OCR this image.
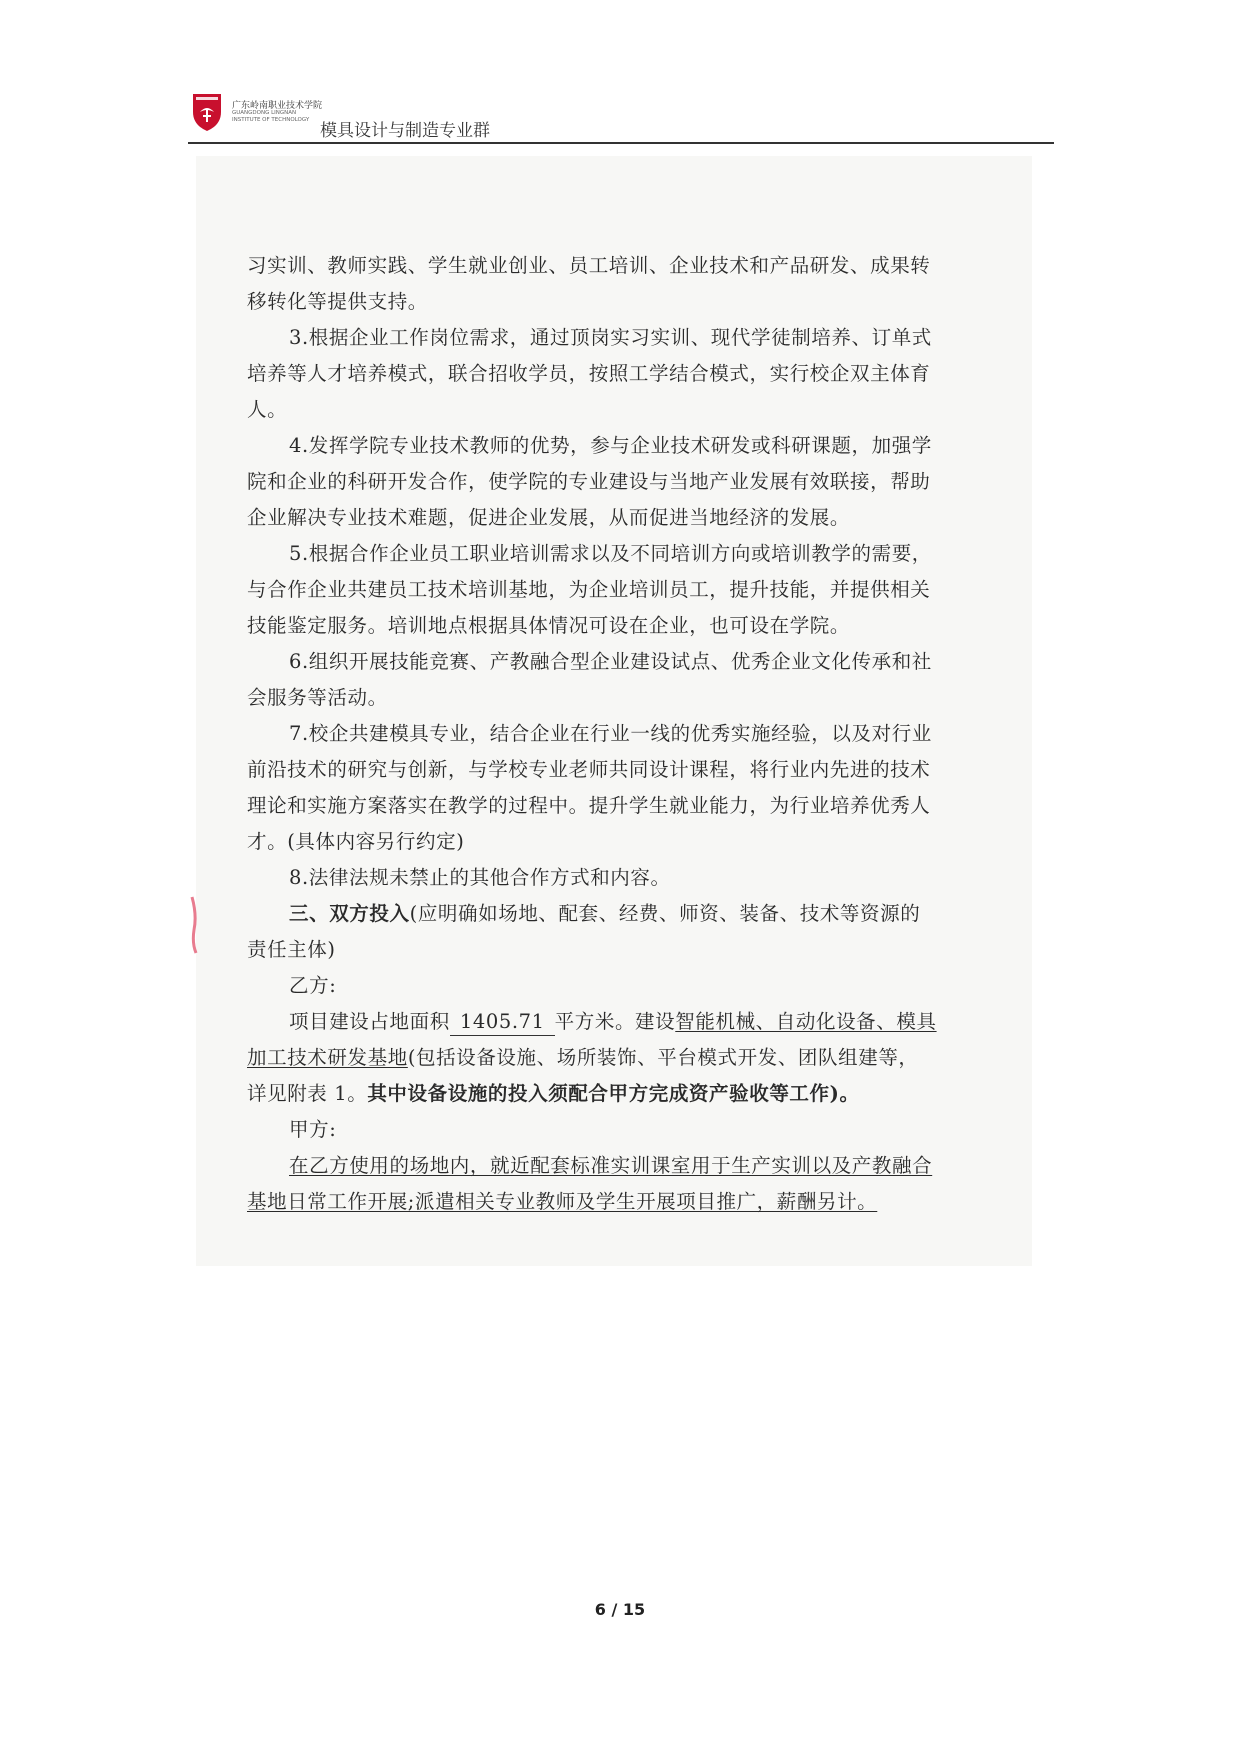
广东岭南职业技术学院
GUANGDONG LINGNAN
INSTITUTE OF TECHNOLOGY
模具设计与制造专业群
习实训、教师实践、学生就业创业、员工培训、企业技术和产品研发、成果转
移转化等提供支持。
3.根据企业工作岗位需求，通过顶岗实习实训、现代学徒制培养、订单式
培养等人才培养模式，联合招收学员，按照工学结合模式，实行校企双主体育
人。
4.发挥学院专业技术教师的优势，参与企业技术研发或科研课题，加强学
院和企业的科研开发合作，使学院的专业建设与当地产业发展有效联接，帮助
企业解决专业技术难题，促进企业发展，从而促进当地经济的发展。
5.根据合作企业员工职业培训需求以及不同培训方向或培训教学的需要，
与合作企业共建员工技术培训基地，为企业培训员工，提升技能，并提供相关
技能鉴定服务。培训地点根据具体情况可设在企业，也可设在学院。
6.组织开展技能竞赛、产教融合型企业建设试点、优秀企业文化传承和社
会服务等活动。
7.校企共建模具专业，结合企业在行业一线的优秀实施经验，以及对行业
前沿技术的研究与创新，与学校专业老师共同设计课程，将行业内先进的技术
理论和实施方案落实在教学的过程中。提升学生就业能力，为行业培养优秀人
才。(具体内容另行约定)
8.法律法规未禁止的其他合作方式和内容。
三、双方投入(应明确如场地、配套、经费、师资、装备、技术等资源的
责任主体)
乙方:
项目建设占地面积 1405.71 平方米。建设智能机械、自动化设备、模具
加工技术研发基地(包括设备设施、场所装饰、平台模式开发、团队组建等，
详见附表 1。其中设备设施的投入须配合甲方完成资产验收等工作)。
甲方:
在乙方使用的场地内，就近配套标准实训课室用于生产实训以及产教融合
基地日常工作开展;派遣相关专业教师及学生开展项目推广，薪酬另计。
6 / 15
